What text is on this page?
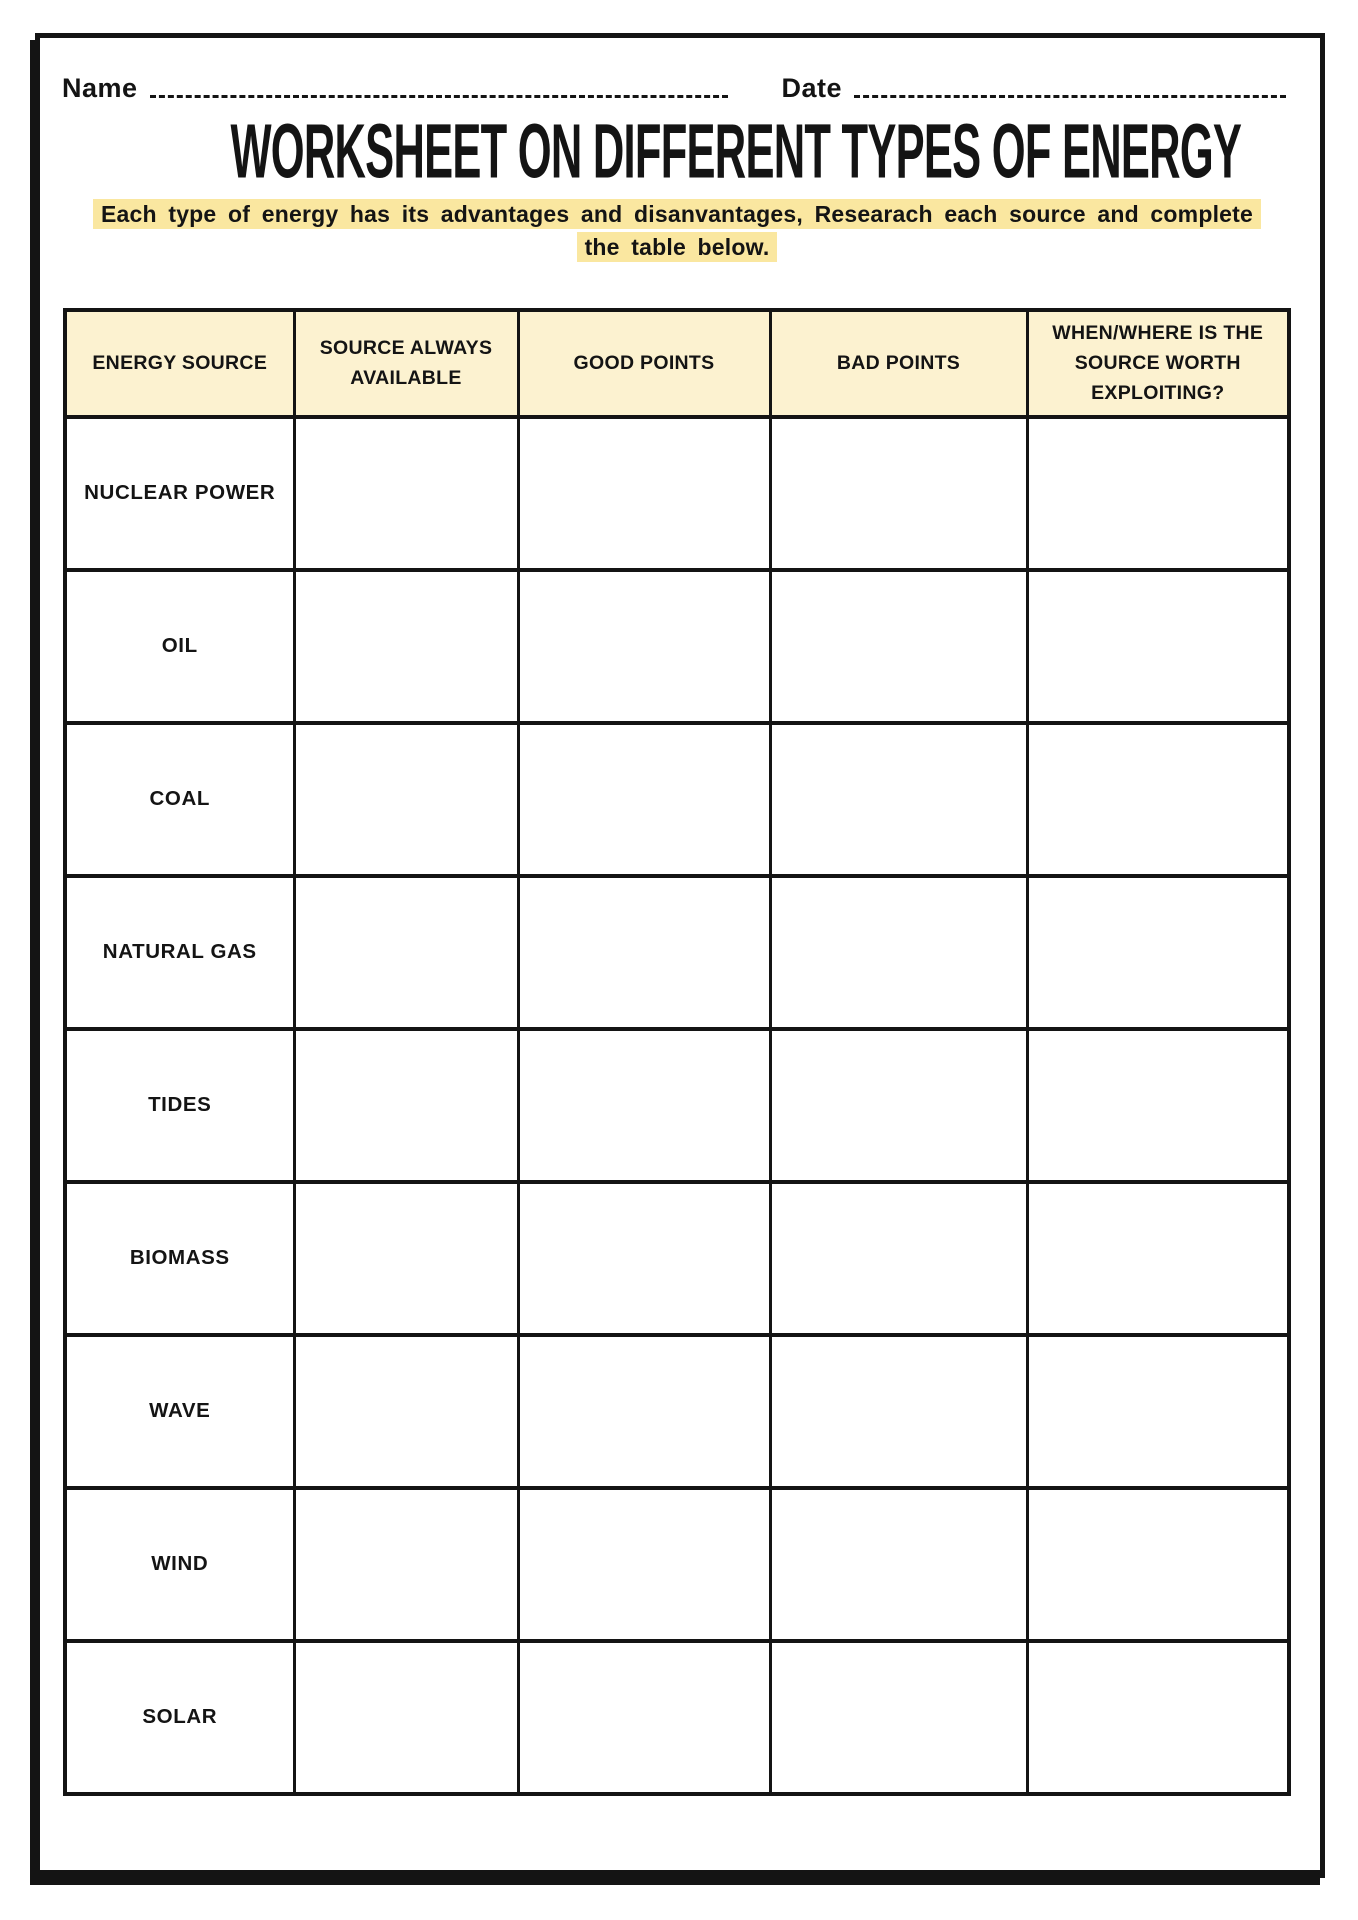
Name	Date
WORKSHEET ON DIFFERENT TYPES OF ENERGY
Each type of energy has its advantages and disanvantages, Researach each source and complete
the table below.
ENERGY SOURCE	SOURCE ALWAYS AVAILABLE	GOOD POINTS	BAD POINTS	WHEN/WHERE IS THE SOURCE WORTH EXPLOITING?
NUCLEAR POWER				
OIL				
COAL				
NATURAL GAS				
TIDES				
BIOMASS				
WAVE				
WIND				
SOLAR				
